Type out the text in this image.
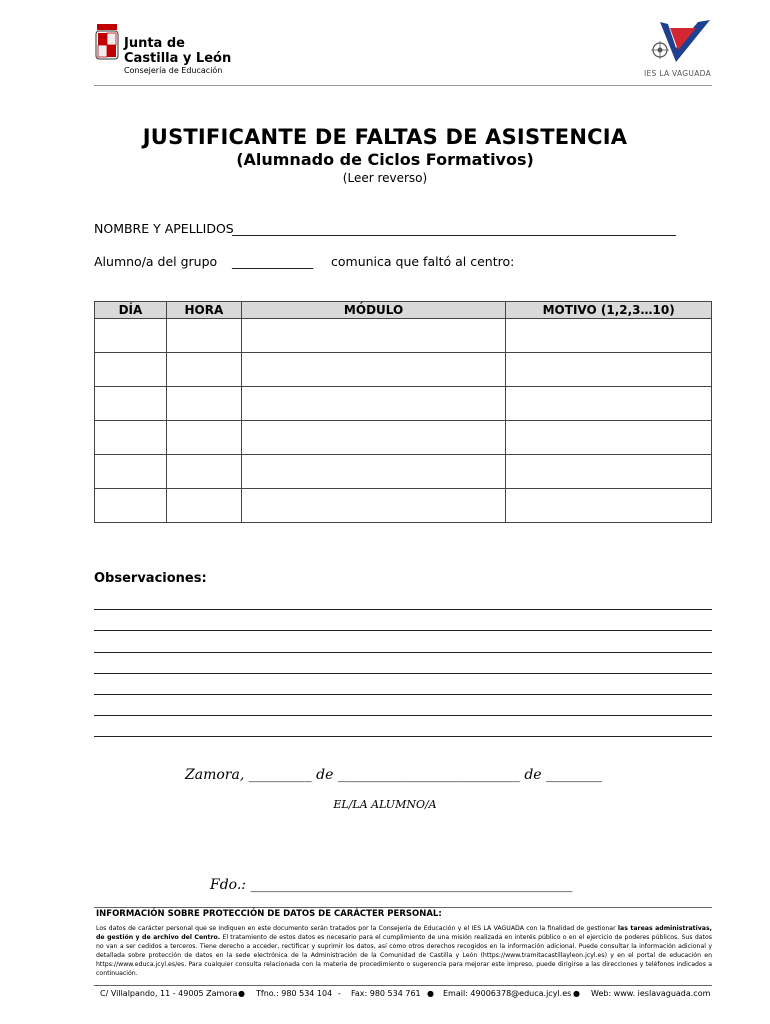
Junta de
Castilla y León
Consejería de Educación	IES LA VAGUADA
JUSTIFICANTE DE FALTAS DE ASISTENCIA
(Alumnado de Ciclos Formativos)
(Leer reverso)
NOMBRE Y APELLIDOS
_______________________________________________________________________
Alumno/a del grupo _____________ comunica que faltó al centro:
DÍA	HORA	MÓDULO	MOTIVO (1,2,3…10)

Observaciones:
Zamora, _________ de __________________________ de ________
EL/LA ALUMNO/A
Fdo.: ______________________________________________
INFORMACIÓN SOBRE PROTECCIÓN DE DATOS DE CARÁCTER PERSONAL:
Los datos de carácter personal que se indiquen en este documento serán tratados por la Consejería de Educación y el IES LA VAGUADA con la finalidad de gestionar las tareas administrativas, de gestión y de archivo del Centro. El tratamiento de estos datos es necesario para el cumplimiento de una misión realizada en interés público o en el ejercicio de poderes públicos. Sus datos no van a ser cedidos a terceros. Tiene derecho a acceder, rectificar y suprimir los datos, así como otros derechos recogidos en la información adicional. Puede consultar la información adicional y detallada sobre protección de datos en la sede electrónica de la Administración de la Comunidad de Castilla y León (https://www.tramitacastillayleon.jcyl.es) y en el portal de educación en https://www.educa.jcyl.es/es. Para cualquier consulta relacionada con la materia de procedimiento o sugerencia para mejorar este impreso, puede dirigirse a las direcciones y teléfonos indicados a continuación.
C/ Villalpando, 11 - 49005 Zamora ● Tfno.: 980 534 104 - Fax: 980 534 761 ● Email: 49006378@educa.jcyl.es ● Web: www. ieslavaguada.com
